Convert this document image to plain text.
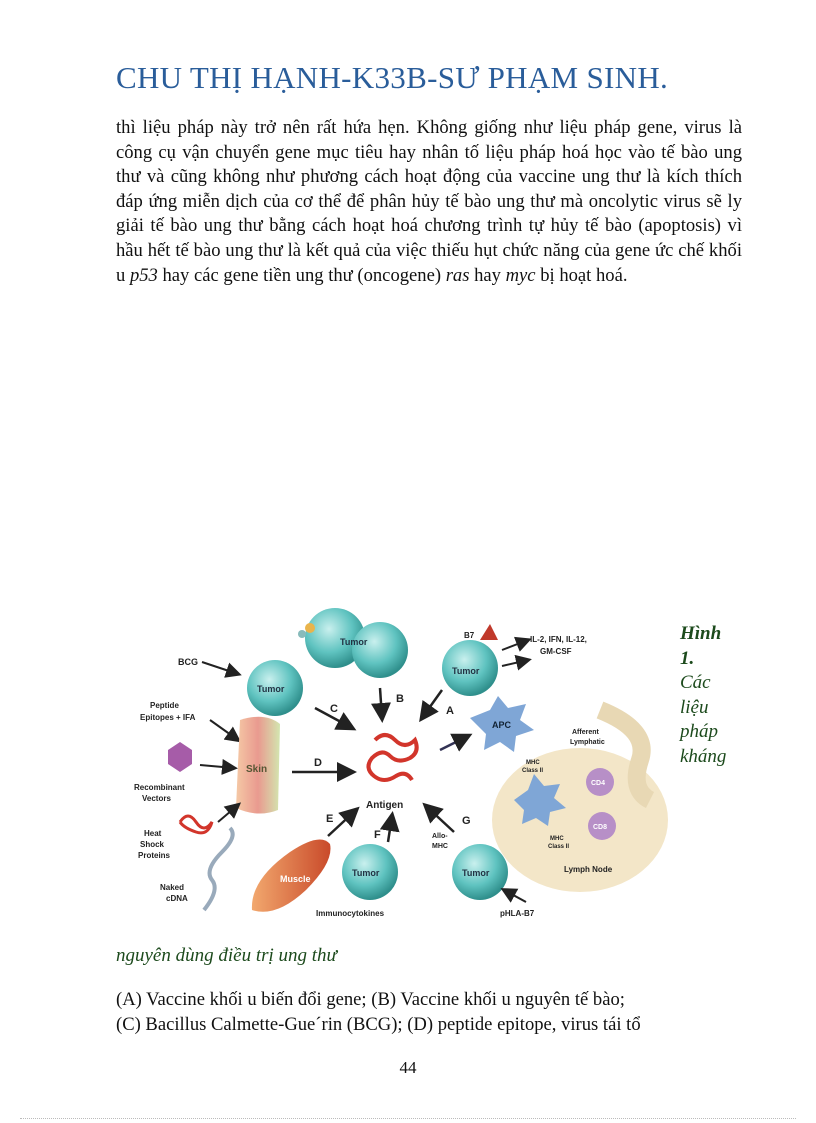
CHU THỊ HẠNH-K33B-SƯ PHẠM SINH.
thì liệu pháp này trở nên rất hứa hẹn. Không giống như liệu pháp gene, virus là công cụ vận chuyển gene mục tiêu hay nhân tố liệu pháp hoá học vào tế bào ung thư và cũng không như phương cách hoạt động của vaccine ung thư là kích thích đáp ứng miễn dịch của cơ thể để phân hủy tế bào ung thư mà oncolytic virus sẽ ly giải tế bào ung thư bằng cách hoạt hoá chương trình tự hủy tế bào (apoptosis) vì hầu hết tế bào ung thư là kết quả của việc thiếu hụt chức năng của gene ức chế khối u p53 hay các gene tiền ung thư (oncogene) ras hay myc bị hoạt hoá.
Tumor
Tumor
B7	IL-2, IFN, IL-12,
GM-CSF
BCG
Tumor
Peptide
Epitopes + IFA
Recombinant
Vectors
Skin
Heat
Shock
Proteins
Naked
cDNA
Muscle
Antigen
B
A
C
D
E
F
G
APC
Afferent
Lymphatic
MHC
Class II
MHC
Class II
CD4
CD8
Lymph Node
Tumor
Immunocytokines
Tumor
Allo-
MHC
pHLA-B7
Hình
1.
Các
liệu
pháp
kháng
nguyên dùng điều trị ung thư
(A) Vaccine khối u biến đổi gene; (B) Vaccine khối u nguyên tế bào;
(C) Bacillus Calmette-Gue´rin (BCG); (D) peptide epitope, virus tái tổ
44
